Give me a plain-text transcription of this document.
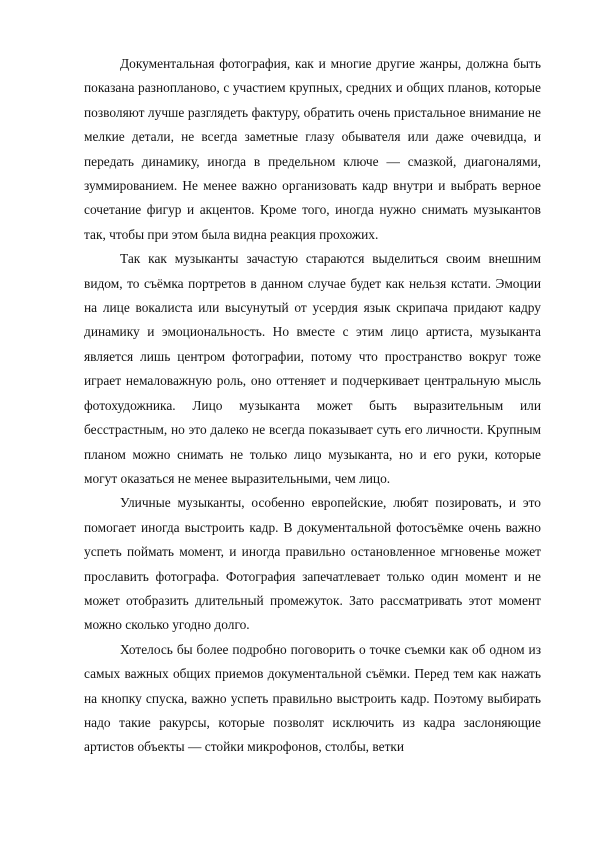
Документальная фотография, как и многие другие жанры, должна быть показана разнопланово, с участием крупных, средних и общих планов, которые позволяют лучше разглядеть фактуру, обратить очень пристальное внимание не мелкие детали, не всегда заметные глазу обывателя или даже очевидца, и передать динамику, иногда в предельном ключе — смазкой, диагоналями, зуммированием. Не менее важно организовать кадр внутри и выбрать верное сочетание фигур и акцентов. Кроме того, иногда нужно снимать музыкантов так, чтобы при этом была видна реакция прохожих.

Так как музыканты зачастую стараются выделиться своим внешним видом, то съёмка портретов в данном случае будет как нельзя кстати. Эмоции на лице вокалиста или высунутый от усердия язык скрипача придают кадру динамику и эмоциональность. Но вместе с этим лицо артиста, музыканта является лишь центром фотографии, потому что пространство вокруг тоже играет немаловажную роль, оно оттеняет и подчеркивает центральную мысль фотохудожника. Лицо музыканта может быть выразительным или бесстрастным, но это далеко не всегда показывает суть его личности. Крупным планом можно снимать не только лицо музыканта, но и его руки, которые могут оказаться не менее выразительными, чем лицо.

Уличные музыканты, особенно европейские, любят позировать, и это помогает иногда выстроить кадр. В документальной фотосъёмке очень важно успеть поймать момент, и иногда правильно остановленное мгновенье может прославить фотографа. Фотография запечатлевает только один момент и не может отобразить длительный промежуток. Зато рассматривать этот момент можно сколько угодно долго.

Хотелось бы более подробно поговорить о точке съемки как об одном из самых важных общих приемов документальной съёмки. Перед тем как нажать на кнопку спуска, важно успеть правильно выстроить кадр. Поэтому выбирать надо такие ракурсы, которые позволят исключить из кадра заслоняющие артистов объекты — стойки микрофонов, столбы, ветки
